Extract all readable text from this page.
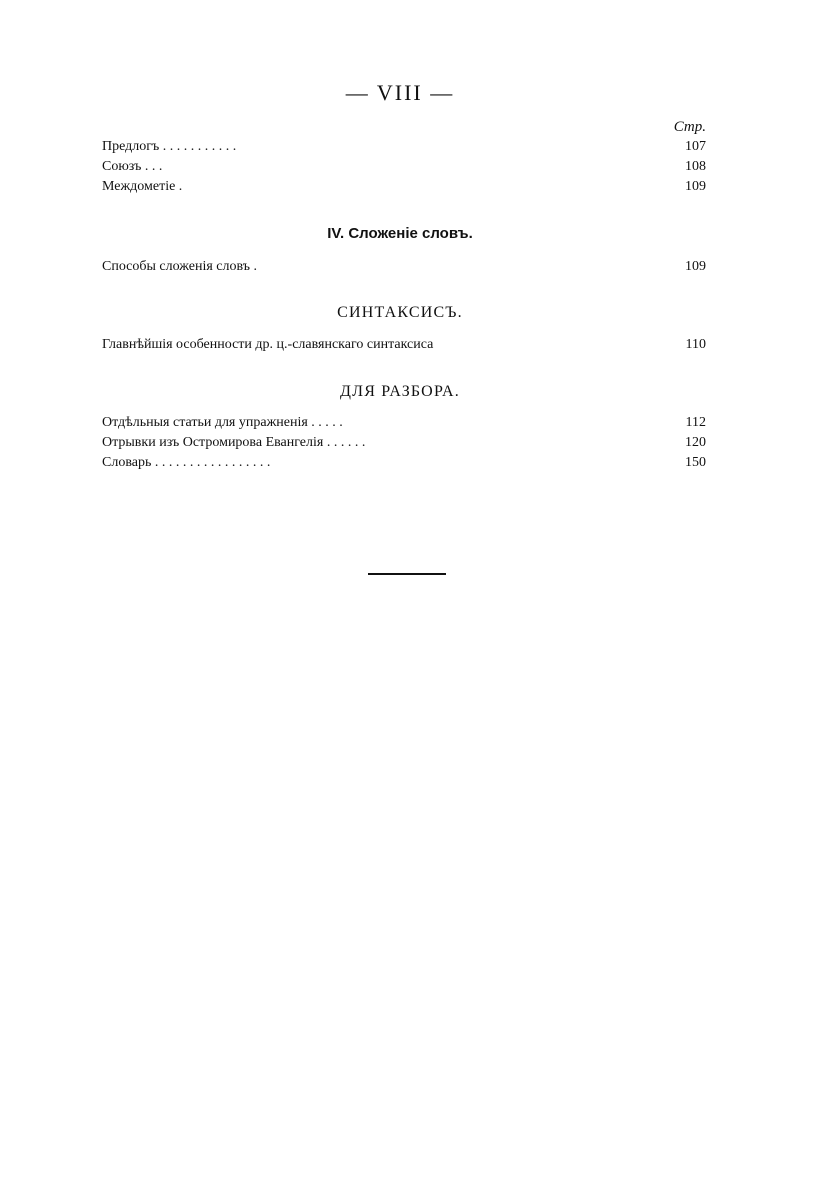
— VIII —
Стр.
Предлогъ . . . . . . . . . . .	107
Союзъ . . .	108
Междометіе .	109
IV. Сложеніе словъ.
Способы сложенія словъ .	109
СИНТАКСИСЪ.
Главнѣйшія особенности др. ц.-славянскаго синтаксиса	110
ДЛЯ РАЗБОРА.
Отдѣльныя статьи для упражненія . . . . .	112
Отрывки изъ Остромирова Евангелія . . . . . .	120
Словарь . . . . . . . . . . . . . . . . .	150
